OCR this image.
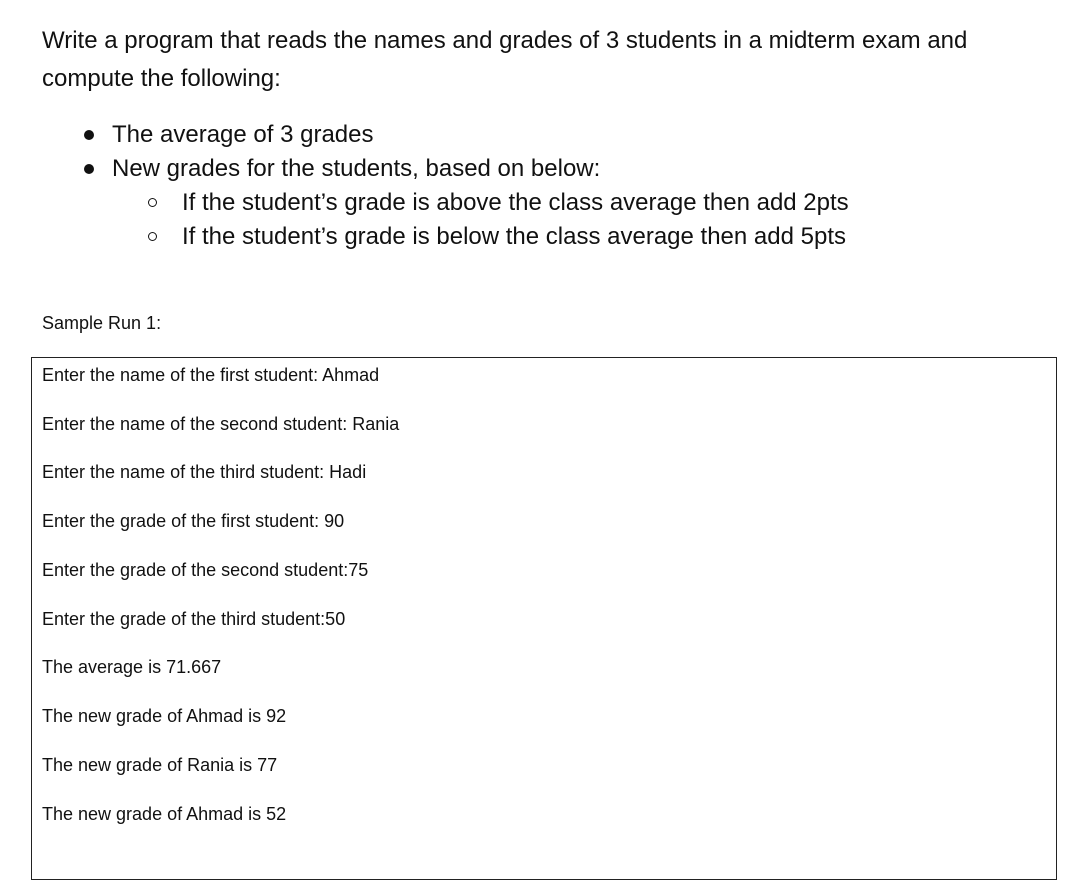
Write a program that reads the names and grades of 3 students in a midterm exam and compute the following:

The average of 3 grades
New grades for the students, based on below:
If the student’s grade is above the class average then add 2pts
If the student’s grade is below the class average then add 5pts

Sample Run 1:

Enter the name of the first student: Ahmad
Enter the name of the second student: Rania
Enter the name of the third student: Hadi
Enter the grade of the first student: 90
Enter the grade of the second student:75
Enter the grade of the third student:50
The average is 71.667
The new grade of Ahmad is 92
The new grade of Rania is 77
The new grade of Ahmad is 52
